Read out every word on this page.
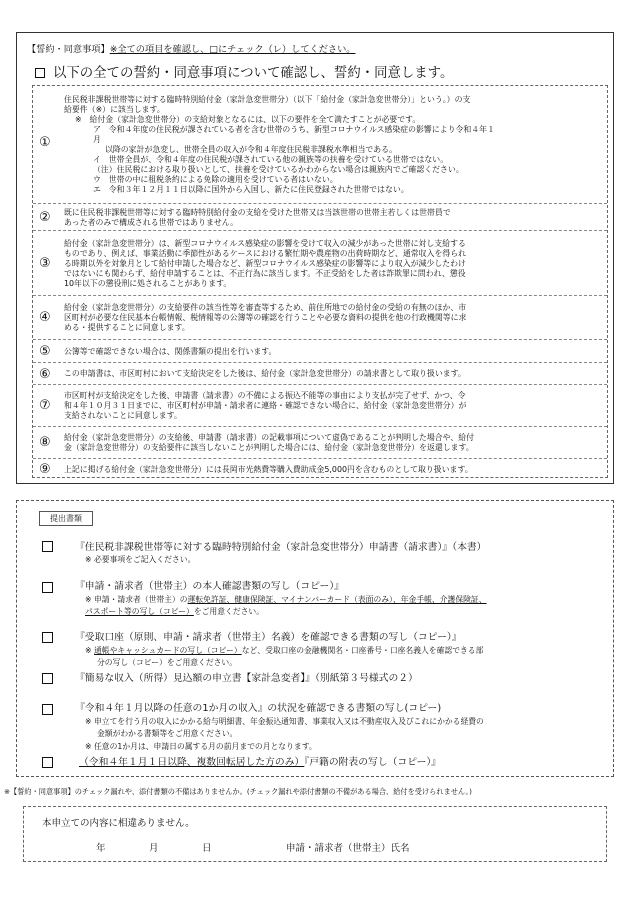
【誓約・同意事項】※全ての項目を確認し、□にチェック（レ）してください。
以下の全ての誓約・同意事項について確認し、誓約・同意します。
①
住民税非課税世帯等に対する臨時特別給付金（家計急変世帯分）（以下「給付金（家計急変世帯分）」という。）の支
給要件（※）に該当します。
※　給付金（家計急変世帯分）の支給対象となるには、以下の要件を全て満たすことが必要です。
ア　令和４年度の住民税が課されている者を含む世帯のうち、新型コロナウイルス感染症の影響により令和４年１
月
以降の家計が急変し、世帯全員の収入が令和４年度住民税非課税水準相当である。
イ　世帯全員が、令和４年度の住民税が課されている他の親族等の扶養を受けている世帯ではない。
（注）住民税における取り扱いとして、扶養を受けているかわからない場合は親族内でご確認ください。
ウ　世帯の中に租税条約による免除の適用を受けている者はいない。
エ　令和３年１２月１１日以降に国外から入国し、新たに住民登録された世帯ではない。
② 既に住民税非課税世帯等に対する臨時特別給付金の支給を受けた世帯又は当該世帯の世帯主若しくは世帯員で
あった者のみで構成される世帯ではありません。
③
給付金（家計急変世帯分）は、新型コロナウイルス感染症の影響を受けて収入の減少があった世帯に対し支給する
ものであり、例えば、事業活動に季節性があるケースにおける繁忙期や農産物の出荷時期など、通常収入を得られ
る時期以外を対象月として給付申請した場合など、新型コロナウイルス感染症の影響等により収入が減少したわけ
ではないにも関わらず、給付申請することは、不正行為に該当します。不正受給をした者は詐欺罪に問われ、懲役
10年以下の懲役刑に処されることがあります。
④
給付金（家計急変世帯分）の支給要件の該当性等を審査等するため、前住所地での給付金の受給の有無のほか、市
区町村が必要な住民基本台帳情報、税情報等の公簿等の確認を行うことや必要な資料の提供を他の行政機関等に求
める・提供することに同意します。
⑤ 公簿等で確認できない場合は、関係書類の提出を行います。
⑥ この申請書は、市区町村において支給決定をした後は、給付金（家計急変世帯分）の請求書として取り扱います。
⑦
市区町村が支給決定をした後、申請書（請求書）の不備による振込不能等の事由により支払が完了せず、かつ、令
和４年１０月３１日までに、市区町村が申請・請求者に連絡・確認できない場合に、給付金（家計急変世帯分）が
支給されないことに同意します。
⑧ 給付金（家計急変世帯分）の支給後、申請書（請求書）の記載事項について虚偽であることが判明した場合や、給付
金（家計急変世帯分）の支給要件に該当しないことが判明した場合には、給付金（家計急変世帯分）を返還します。
⑨ 上記に掲げる給付金（家計急変世帯分）には長岡市光熱費等購入費助成金5,000円を含むものとして取り扱います。
提出書類
『住民税非課税世帯等に対する臨時特別給付金（家計急変世帯分）申請書（請求書）』（本書）
※ 必要事項をご記入ください。
『申請・請求者（世帯主）の本人確認書類の写し（コピー）』
※ 申請・請求者（世帯主）の運転免許証、健康保険証、マイナンバーカード（表面のみ）、年金手帳、介護保険証、
パスポート等の写し（コピー）をご用意ください。
『受取口座（原則、申請・請求者（世帯主）名義）を確認できる書類の写し（コピー）』
※ 通帳やキャッシュカードの写し（コピー）など、受取口座の金融機関名・口座番号・口座名義人を確認できる部
分の写し（コピー）をご用意ください。
『簡易な収入（所得）見込額の申立書【家計急変者】』（別紙第３号様式の２）
『令和４年１月以降の任意の1か月の収入』の状況を確認できる書類の写し(コピー)
※ 申立てを行う月の収入にかかる給与明細書、年金振込通知書、事業収入又は不動産収入及びこれにかかる経費の
金額がわかる書類等をご用意ください。
※ 任意の1か月は、申請日の属する月の前月までの月となります。
（令和４年１月１日以降、複数回転居した方のみ）『戸籍の附表の写し（コピー）』
※【誓約・同意事項】のチェック漏れや、添付書類の不備はありませんか。(チェック漏れや添付書類の不備がある場合、給付を受けられません。)
本申立ての内容に相違ありません。
年	月	日	申請・請求者（世帯主）氏名
